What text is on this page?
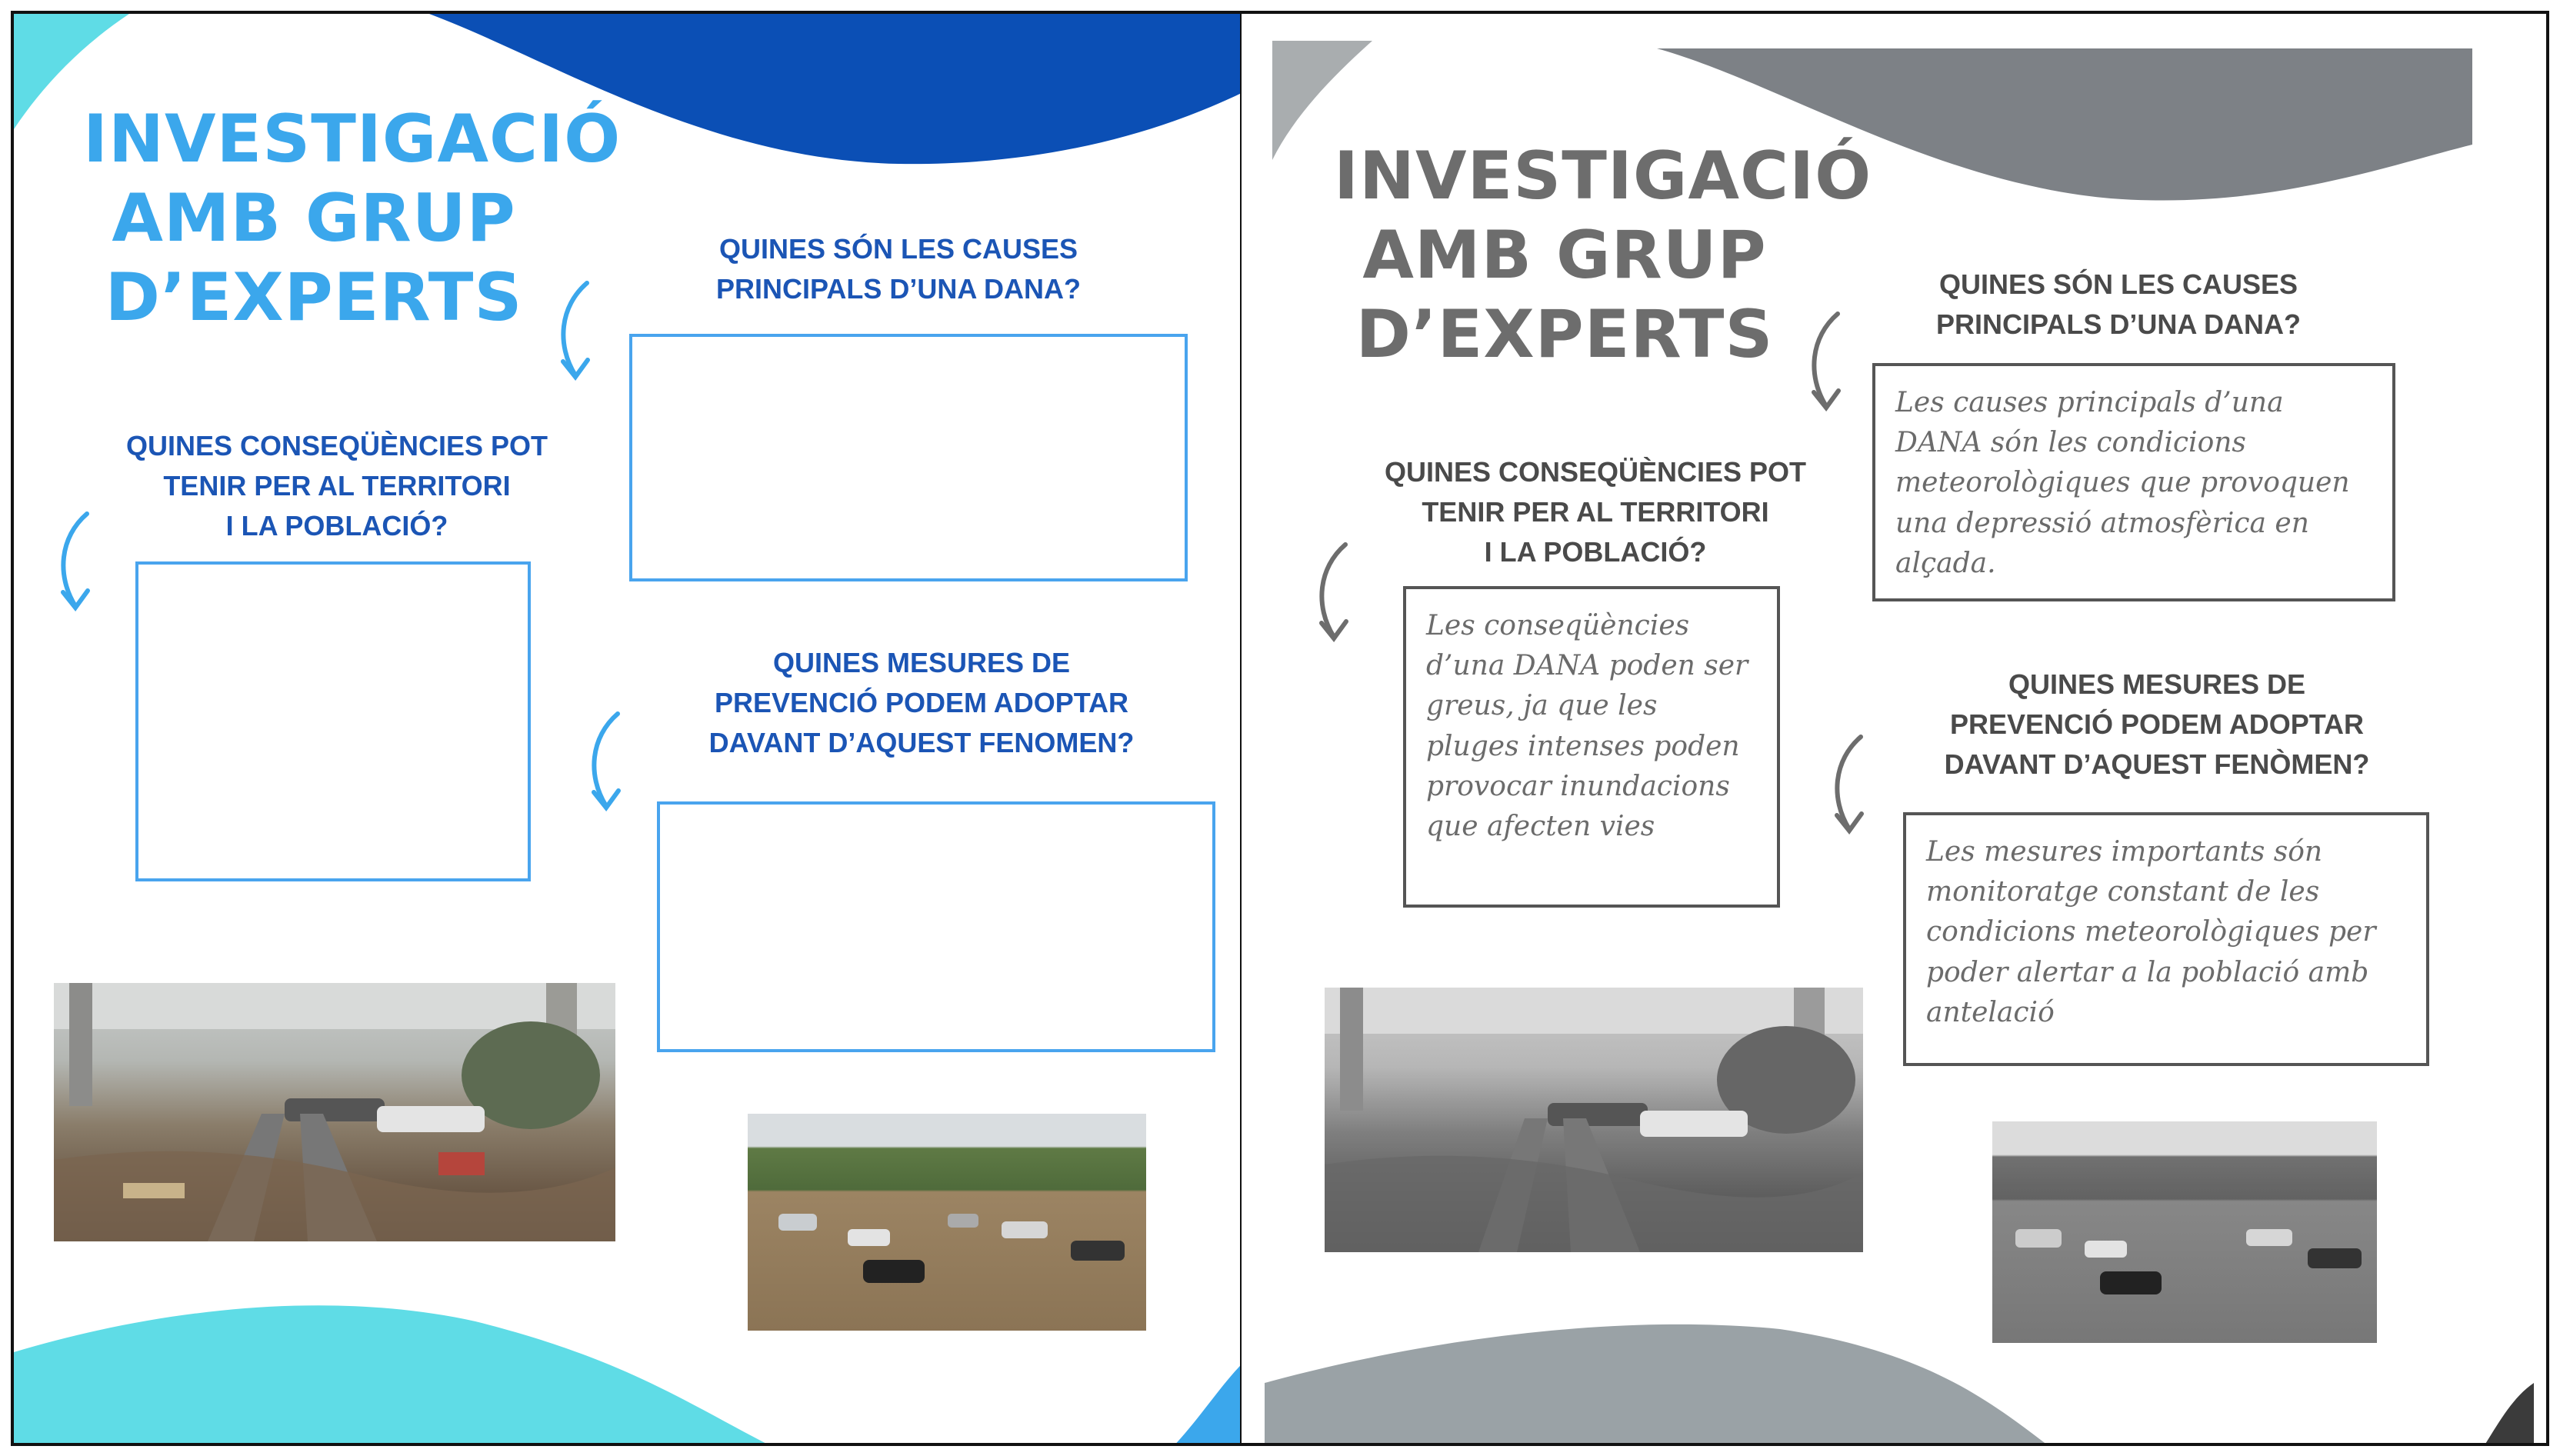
INVESTIGACIÓ
AMB GRUP
D’EXPERTS
QUINES SÓN LES CAUSES
PRINCIPALS D’UNA DANA?
QUINES CONSEQÜÈNCIES POT
TENIR PER AL TERRITORI
I LA POBLACIÓ?
QUINES MESURES DE
PREVENCIÓ PODEM ADOPTAR
DAVANT D’AQUEST FENOMEN?
INVESTIGACIÓ
AMB GRUP
D’EXPERTS
QUINES SÓN LES CAUSES
PRINCIPALS D’UNA DANA?
Les causes principals d’una DANA són les condicions meteorològiques que provoquen una depressió atmosfèrica en alçada.
QUINES CONSEQÜÈNCIES POT
TENIR PER AL TERRITORI
I LA POBLACIÓ?
Les conseqüències d’una DANA poden ser greus, ja que les pluges intenses poden provocar inundacions que afecten vies
QUINES MESURES DE
PREVENCIÓ PODEM ADOPTAR
DAVANT D’AQUEST FENÒMEN?
Les mesures importants són monitoratge constant de les condicions meteorològiques per poder alertar a la població amb antelació
